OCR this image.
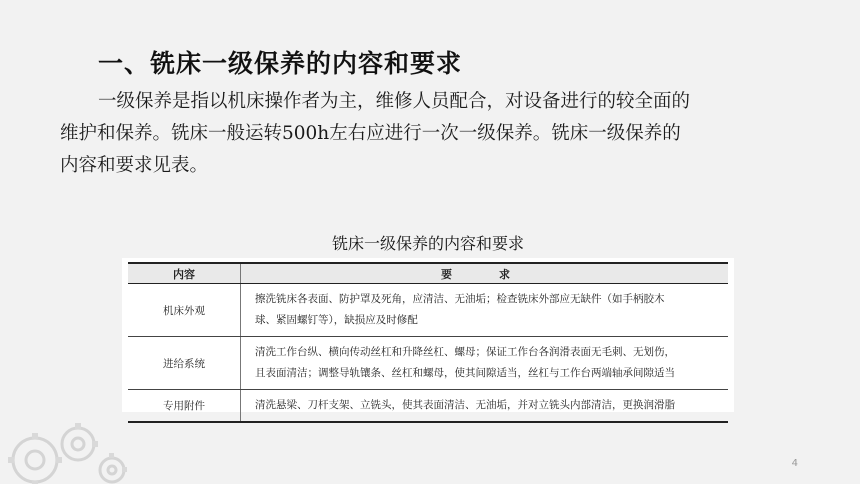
一、铣床一级保养的内容和要求
一级保养是指以机床操作者为主，维修人员配合，对设备进行的较全面的
维护和保养。铣床一般运转500h左右应进行一次一级保养。铣床一级保养的
内容和要求见表。
铣床一级保养的内容和要求
内容	要　求
机床外观	擦洗铣床各表面、防护罩及死角，应清洁、无油垢；检查铣床外部应无缺件（如手柄胶木
球、紧固螺钉等），缺损应及时修配

进给系统	清洗工作台纵、横向传动丝杠和升降丝杠、螺母；保证工作台各润滑表面无毛刺、无划伤，
且表面清洁；调整导轨镶条、丝杠和螺母，使其间隙适当，丝杠与工作台两端轴承间隙适当

专用附件	清洗悬梁、刀杆支架、立铣头，使其表面清洁、无油垢，并对立铣头内部清洁，更换润滑脂
4
